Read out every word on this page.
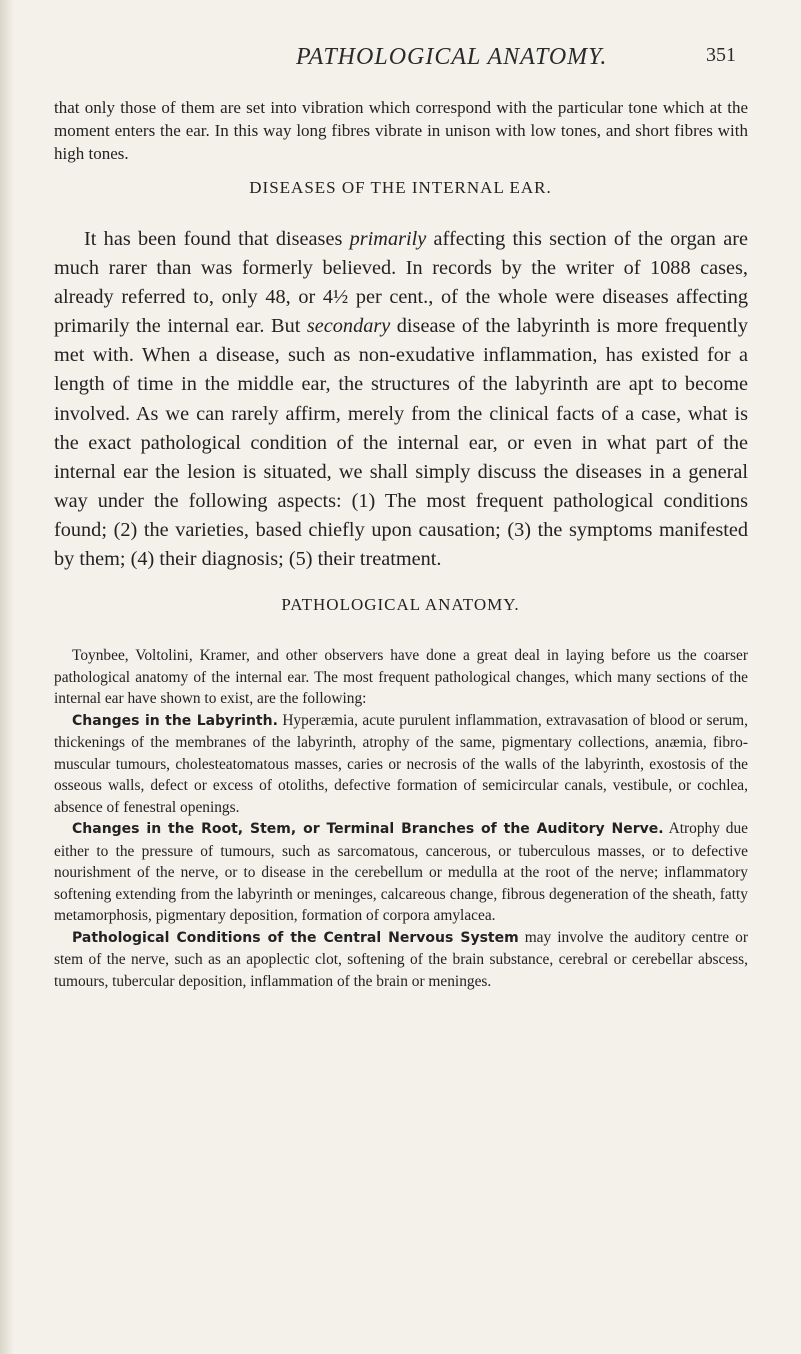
PATHOLOGICAL ANATOMY.	351

that only those of them are set into vibration which correspond with the particular tone which at the moment enters the ear. In this way long fibres vibrate in unison with low tones, and short fibres with high tones.

DISEASES OF THE INTERNAL EAR.

It has been found that diseases primarily affecting this section of the organ are much rarer than was formerly believed. In records by the writer of 1088 cases, already referred to, only 48, or 4½ per cent., of the whole were diseases affecting primarily the internal ear. But secondary disease of the labyrinth is more frequently met with. When a disease, such as non-exudative inflammation, has existed for a length of time in the middle ear, the structures of the labyrinth are apt to become involved. As we can rarely affirm, merely from the clinical facts of a case, what is the exact pathological condition of the internal ear, or even in what part of the internal ear the lesion is situated, we shall simply discuss the diseases in a general way under the following aspects: (1) The most frequent pathological conditions found; (2) the varieties, based chiefly upon causation; (3) the symptoms manifested by them; (4) their diagnosis; (5) their treatment.

PATHOLOGICAL ANATOMY.

Toynbee, Voltolini, Kramer, and other observers have done a great deal in laying before us the coarser pathological anatomy of the internal ear. The most frequent pathological changes, which many sections of the internal ear have shown to exist, are the following:

Changes in the Labyrinth. Hyperæmia, acute purulent inflammation, extravasation of blood or serum, thickenings of the membranes of the labyrinth, atrophy of the same, pigmentary collections, anæmia, fibro-muscular tumours, cholesteatomatous masses, caries or necrosis of the walls of the labyrinth, exostosis of the osseous walls, defect or excess of otoliths, defective formation of semicircular canals, vestibule, or cochlea, absence of fenestral openings.

Changes in the Root, Stem, or Terminal Branches of the Auditory Nerve. Atrophy due either to the pressure of tumours, such as sarcomatous, cancerous, or tuberculous masses, or to defective nourishment of the nerve, or to disease in the cerebellum or medulla at the root of the nerve; inflammatory softening extending from the labyrinth or meninges, calcareous change, fibrous degeneration of the sheath, fatty metamorphosis, pigmentary deposition, formation of corpora amylacea.

Pathological Conditions of the Central Nervous System may involve the auditory centre or stem of the nerve, such as an apoplectic clot, softening of the brain substance, cerebral or cerebellar abscess, tumours, tubercular deposition, inflammation of the brain or meninges.
